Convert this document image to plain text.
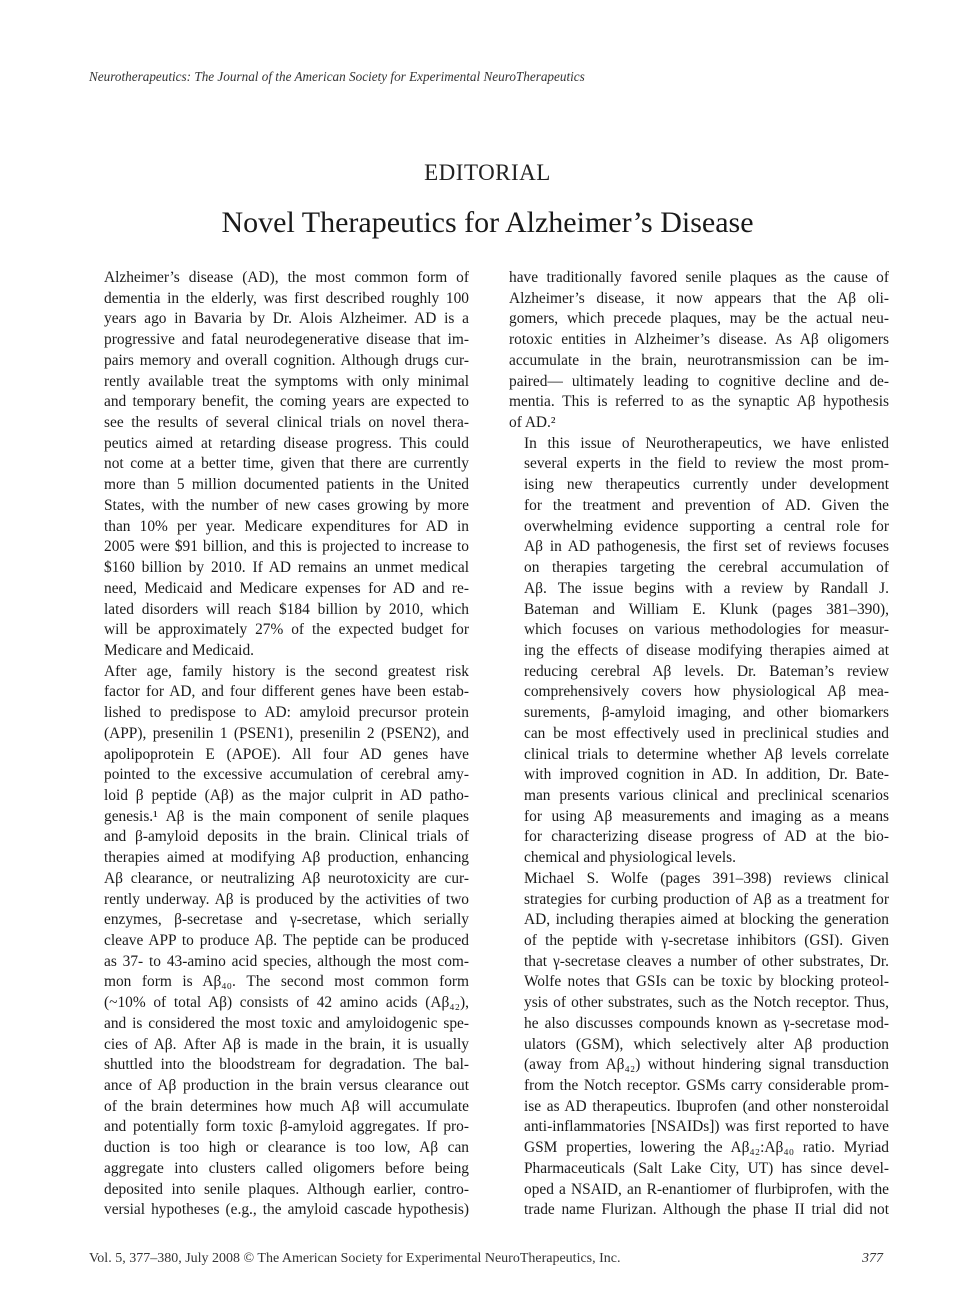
Neurotherapeutics: The Journal of the American Society for Experimental NeuroTherapeutics
EDITORIAL
Novel Therapeutics for Alzheimer’s Disease

Alzheimer’s disease (AD), the most common form of
dementia in the elderly, was first described roughly 100
years ago in Bavaria by Dr. Alois Alzheimer. AD is a
progressive and fatal neurodegenerative disease that im-
pairs memory and overall cognition. Although drugs cur-
rently available treat the symptoms with only minimal
and temporary benefit, the coming years are expected to
see the results of several clinical trials on novel thera-
peutics aimed at retarding disease progress. This could
not come at a better time, given that there are currently
more than 5 million documented patients in the United
States, with the number of new cases growing by more
than 10% per year. Medicare expenditures for AD in
2005 were $91 billion, and this is projected to increase to
$160 billion by 2010. If AD remains an unmet medical
need, Medicaid and Medicare expenses for AD and re-
lated disorders will reach $184 billion by 2010, which
will be approximately 27% of the expected budget for
Medicare and Medicaid.

After age, family history is the second greatest risk
factor for AD, and four different genes have been estab-
lished to predispose to AD: amyloid precursor protein
(APP), presenilin 1 (PSEN1), presenilin 2 (PSEN2), and
apolipoprotein E (APOE). All four AD genes have
pointed to the excessive accumulation of cerebral amy-
loid β peptide (Aβ) as the major culprit in AD patho-
genesis.¹ Aβ is the main component of senile plaques
and β-amyloid deposits in the brain. Clinical trials of
therapies aimed at modifying Aβ production, enhancing
Aβ clearance, or neutralizing Aβ neurotoxicity are cur-
rently underway. Aβ is produced by the activities of two
enzymes, β-secretase and γ-secretase, which serially
cleave APP to produce Aβ. The peptide can be produced
as 37- to 43-amino acid species, although the most com-
mon form is Aβ₄₀. The second most common form
(~10% of total Aβ) consists of 42 amino acids (Aβ₄₂),
and is considered the most toxic and amyloidogenic spe-
cies of Aβ. After Aβ is made in the brain, it is usually
shuttled into the bloodstream for degradation. The bal-
ance of Aβ production in the brain versus clearance out
of the brain determines how much Aβ will accumulate
and potentially form toxic β-amyloid aggregates. If pro-
duction is too high or clearance is too low, Aβ can
aggregate into clusters called oligomers before being
deposited into senile plaques. Although earlier, contro-
versial hypotheses (e.g., the amyloid cascade hypothesis)

have traditionally favored senile plaques as the cause of
Alzheimer’s disease, it now appears that the Aβ oli-
gomers, which precede plaques, may be the actual neu-
rotoxic entities in Alzheimer’s disease. As Aβ oligomers
accumulate in the brain, neurotransmission can be im-
paired— ultimately leading to cognitive decline and de-
mentia. This is referred to as the synaptic Aβ hypothesis
of AD.²

In this issue of Neurotherapeutics, we have enlisted
several experts in the field to review the most prom-
ising new therapeutics currently under development
for the treatment and prevention of AD. Given the
overwhelming evidence supporting a central role for
Aβ in AD pathogenesis, the first set of reviews focuses
on therapies targeting the cerebral accumulation of
Aβ. The issue begins with a review by Randall J.
Bateman and William E. Klunk (pages 381–390),
which focuses on various methodologies for measur-
ing the effects of disease modifying therapies aimed at
reducing cerebral Aβ levels. Dr. Bateman’s review
comprehensively covers how physiological Aβ mea-
surements, β-amyloid imaging, and other biomarkers
can be most effectively used in preclinical studies and
clinical trials to determine whether Aβ levels correlate
with improved cognition in AD. In addition, Dr. Bate-
man presents various clinical and preclinical scenarios
for using Aβ measurements and imaging as a means
for characterizing disease progress of AD at the bio-
chemical and physiological levels.

Michael S. Wolfe (pages 391–398) reviews clinical
strategies for curbing production of Aβ as a treatment for
AD, including therapies aimed at blocking the generation
of the peptide with γ-secretase inhibitors (GSI). Given
that γ-secretase cleaves a number of other substrates, Dr.
Wolfe notes that GSIs can be toxic by blocking proteol-
ysis of other substrates, such as the Notch receptor. Thus,
he also discusses compounds known as γ-secretase mod-
ulators (GSM), which selectively alter Aβ production
(away from Aβ₄₂) without hindering signal transduction
from the Notch receptor. GSMs carry considerable prom-
ise as AD therapeutics. Ibuprofen (and other nonsteroidal
anti-inflammatories [NSAIDs]) was first reported to have
GSM properties, lowering the Aβ₄₂:Aβ₄₀ ratio. Myriad
Pharmaceuticals (Salt Lake City, UT) has since devel-
oped a NSAID, an R-enantiomer of flurbiprofen, with the
trade name Flurizan. Although the phase II trial did not

Vol. 5, 377–380, July 2008 © The American Society for Experimental NeuroTherapeutics, Inc.	377
